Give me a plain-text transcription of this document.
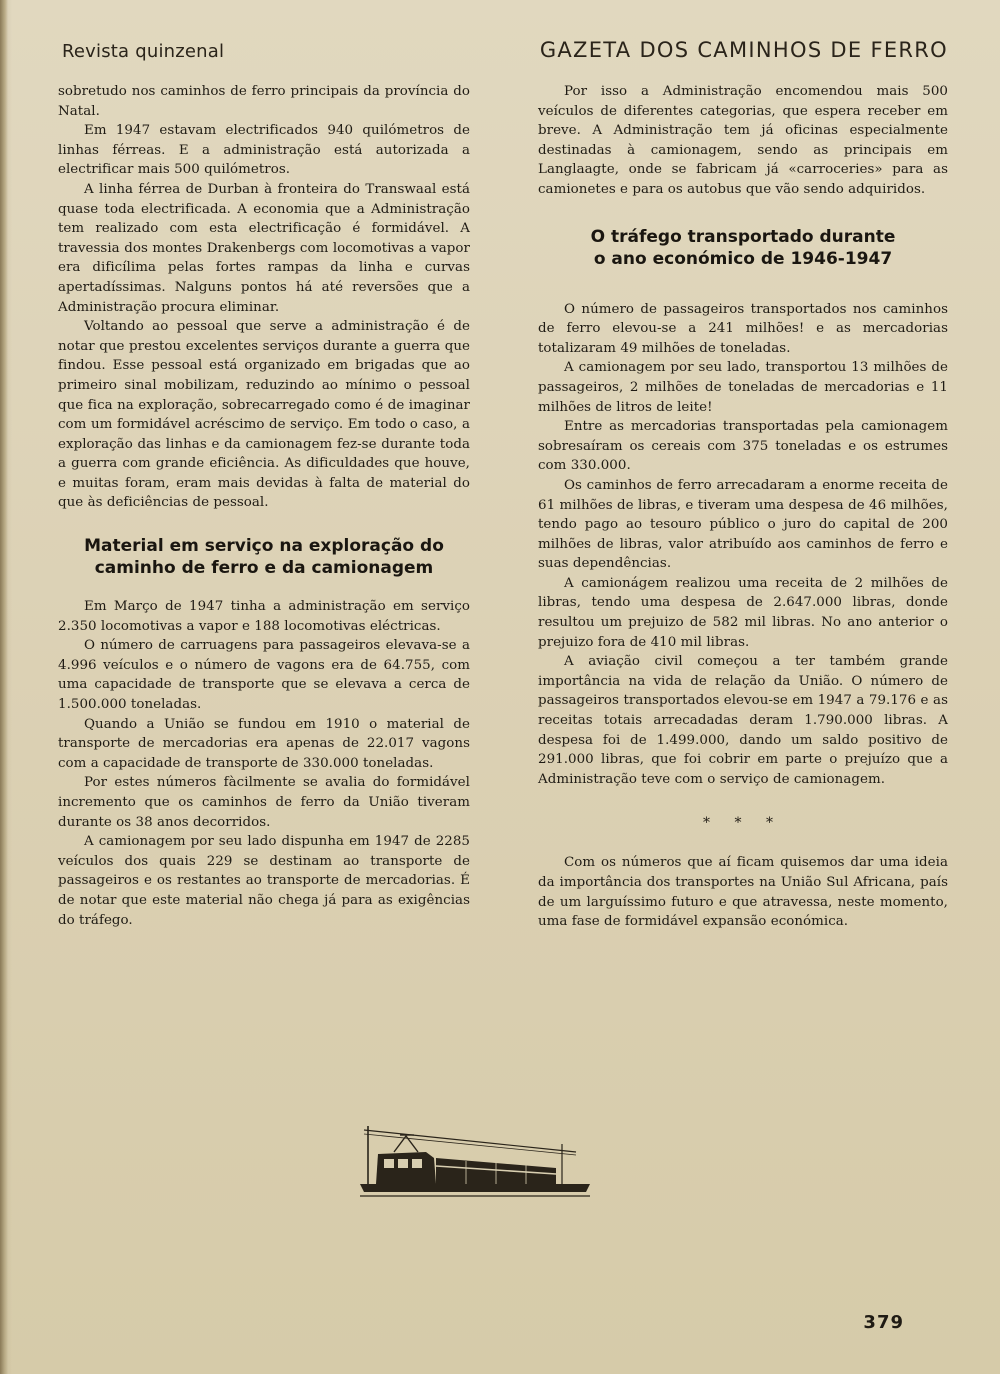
Revista quinzenal	GAZETA DOS CAMINHOS DE FERRO

sobretudo nos caminhos de ferro principais da província do Natal.

Em 1947 estavam electrificados 940 quilómetros de linhas férreas. E a administração está autorizada a electrificar mais 500 quilómetros.

A linha férrea de Durban à fronteira do Transwaal está quase toda electrificada. A economia que a Administração tem realizado com esta electrificação é formidável. A travessia dos montes Drakenbergs com locomotivas a vapor era dificílima pelas fortes rampas da linha e curvas apertadíssimas. Nalguns pontos há até reversões que a Administração procura eliminar.

Voltando ao pessoal que serve a administração é de notar que prestou excelentes serviços durante a guerra que findou. Esse pessoal está organizado em brigadas que ao primeiro sinal mobilizam, reduzindo ao mínimo o pessoal que fica na exploração, sobrecarregado como é de imaginar com um formidável acréscimo de serviço. Em todo o caso, a exploração das linhas e da camionagem fez-se durante toda a guerra com grande eficiência. As dificuldades que houve, e muitas foram, eram mais devidas à falta de material do que às deficiências de pessoal.

Material em serviço na exploração do
caminho de ferro e da camionagem

Em Março de 1947 tinha a administração em serviço 2.350 locomotivas a vapor e 188 locomotivas eléctricas.

O número de carruagens para passageiros elevava-se a 4.996 veículos e o número de vagons era de 64.755, com uma capacidade de transporte que se elevava a cerca de 1.500.000 toneladas.

Quando a União se fundou em 1910 o material de transporte de mercadorias era apenas de 22.017 vagons com a capacidade de transporte de 330.000 toneladas.

Por estes números fàcilmente se avalia do formidável incremento que os caminhos de ferro da União tiveram durante os 38 anos decorridos.

A camionagem por seu lado dispunha em 1947 de 2285 veículos dos quais 229 se destinam ao transporte de passageiros e os restantes ao transporte de mercadorias. É de notar que este material não chega já para as exigências do tráfego.

Por isso a Administração encomendou mais 500 veículos de diferentes categorias, que espera receber em breve. A Administração tem já oficinas especialmente destinadas à camionagem, sendo as principais em Langlaagte, onde se fabricam já «carroceries» para as camionetes e para os autobus que vão sendo adquiridos.

O tráfego transportado durante
o ano económico de 1946-1947

O número de passageiros transportados nos caminhos de ferro elevou-se a 241 milhões! e as mercadorias totalizaram 49 milhões de toneladas.

A camionagem por seu lado, transportou 13 milhões de passageiros, 2 milhões de toneladas de mercadorias e 11 milhões de litros de leite!

Entre as mercadorias transportadas pela camionagem sobresaíram os cereais com 375 toneladas e os estrumes com 330.000.

Os caminhos de ferro arrecadaram a enorme receita de 61 milhões de libras, e tiveram uma despesa de 46 milhões, tendo pago ao tesouro público o juro do capital de 200 milhões de libras, valor atribuído aos caminhos de ferro e suas dependências.

A camionágem realizou uma receita de 2 milhões de libras, tendo uma despesa de 2.647.000 libras, donde resultou um prejuizo de 582 mil libras. No ano anterior o prejuizo fora de 410 mil libras.

A aviação civil começou a ter também grande importância na vida de relação da União. O número de passageiros transportados elevou-se em 1947 a 79.176 e as receitas totais arrecadadas deram 1.790.000 libras. A despesa foi de 1.499.000, dando um saldo positivo de 291.000 libras, que foi cobrir em parte o prejuízo que a Administração teve com o serviço de camionagem.

* * *

Com os números que aí ficam quisemos dar uma ideia da importância dos transportes na União Sul Africana, país de um larguíssimo futuro e que atravessa, neste momento, uma fase de formidável expansão económica.

379
